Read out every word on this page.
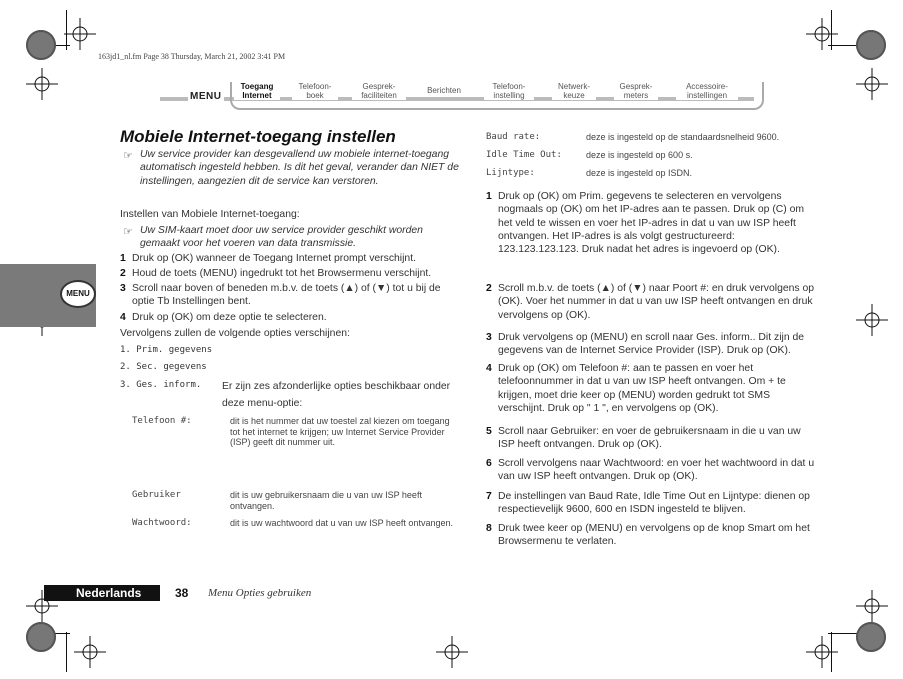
163jd1_nl.fm Page 38 Thursday, March 21, 2002 3:41 PM
MENU
Toegang
Internet
Telefoon-
boek
Gesprek-
faciliteiten
Berichten	Telefoon-
instelling
Netwerk-
keuze
Gesprek-
meters
Accessoire-
instellingen
MENU
Mobiele Internet-toegang instellen
☞ Uw service provider kan desgevallend uw mobiele internet-toegang automatisch ingesteld hebben. Is dit het geval, verander dan NIET de instellingen, aangezien dit de service kan verstoren.
Instellen van Mobiele Internet-toegang:
☞ Uw SIM-kaart moet door uw service provider geschikt worden gemaakt voor het voeren van data transmissie.
1 Druk op (OK) wanneer de Toegang Internet prompt verschijnt.
2 Houd de toets (MENU) ingedrukt tot het Browsermenu verschijnt.
3 Scroll naar boven of beneden m.b.v. de toets (▲) of (▼) tot u bij de optie Tb Instellingen bent.
4 Druk op (OK) om deze optie te selecteren.
Vervolgens zullen de volgende opties verschijnen:
1. Prim. gegevens
2. Sec. gegevens
3. Ges. inform. Er zijn zes afzonderlijke opties beschikbaar onder deze menu-optie:
Telefoon #:	dit is het nummer dat uw toestel zal kiezen om toegang tot het internet te krijgen; uw Internet Service Provider (ISP) geeft dit nummer uit.
Gebruiker	dit is uw gebruikersnaam die u van uw ISP heeft ontvangen.
Wachtwoord:	dit is uw wachtwoord dat u van uw ISP heeft ontvangen.
Baud rate:	deze is ingesteld op de standaardsnelheid 9600.
Idle Time Out:	deze is ingesteld op 600 s.
Lijntype:	deze is ingesteld op ISDN.
1 Druk op (OK) om Prim. gegevens te selecteren en vervolgens nogmaals op (OK) om het IP-adres aan te passen. Druk op (C) om het veld te wissen en voer het IP-adres in dat u van uw ISP heeft ontvangen. Het IP-adres is als volgt gestructureerd: 123.123.123.123. Druk nadat het adres is ingevoerd op (OK).
2 Scroll m.b.v. de toets (▲) of (▼) naar Poort #: en druk vervolgens op (OK). Voer het nummer in dat u van uw ISP heeft ontvangen en druk vervolgens op (OK).
3 Druk vervolgens op (MENU) en scroll naar Ges. inform.. Dit zijn de gegevens van de Internet Service Provider (ISP). Druk op (OK).
4 Druk op (OK) om Telefoon #: aan te passen en voer het telefoonnummer in dat u van uw ISP heeft ontvangen. Om + te krijgen, moet drie keer op (MENU) worden gedrukt tot SMS verschijnt. Druk op " 1 ", en vervolgens op (OK).
5 Scroll naar Gebruiker: en voer de gebruikersnaam in die u van uw ISP heeft ontvangen. Druk op (OK).
6 Scroll vervolgens naar Wachtwoord: en voer het wachtwoord in dat u van uw ISP heeft ontvangen. Druk op (OK).
7 De instellingen van Baud Rate, Idle Time Out en Lijntype: dienen op respectievelijk 9600, 600 en ISDN ingesteld te blijven.
8 Druk twee keer op (MENU) en vervolgens op de knop Smart om het Browsermenu te verlaten.
Nederlands	38 Menu Opties gebruiken
